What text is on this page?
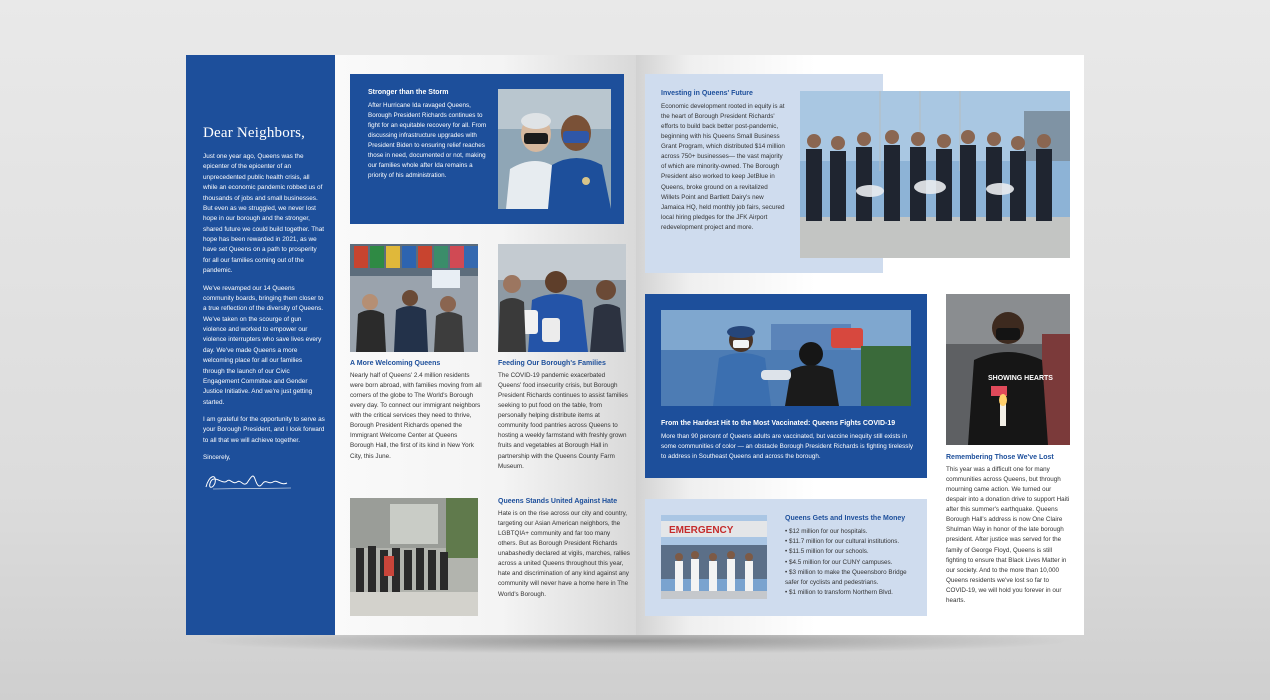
Dear Neighbors,

Just one year ago, Queens was the epicenter of the epicenter of an unprecedented public health crisis, all while an economic pandemic robbed us of thousands of jobs and small businesses. But even as we struggled, we never lost hope in our borough and the stronger, shared future we could build together. That hope has been rewarded in 2021, as we have set Queens on a path to prosperity for all our families coming out of the pandemic.

We've revamped our 14 Queens community boards, bringing them closer to a true reflection of the diversity of Queens. We've taken on the scourge of gun violence and worked to empower our violence interrupters who save lives every day. We've made Queens a more welcoming place for all our families through the launch of our Civic Engagement Committee and Gender Justice Initiative. And we're just getting started.

I am grateful for the opportunity to serve as your Borough President, and I look forward to all that we will achieve together.

Sincerely,
Stronger than the Storm
After Hurricane Ida ravaged Queens, Borough President Richards continues to fight for an equitable recovery for all. From discussing infrastructure upgrades with President Biden to ensuring relief reaches those in need, documented or not, making our families whole after Ida remains a priority of his administration.
A More Welcoming Queens
Nearly half of Queens' 2.4 million residents were born abroad, with families moving from all corners of the globe to The World's Borough every day. To connect our immigrant neighbors with the critical services they need to thrive, Borough President Richards opened the Immigrant Welcome Center at Queens Borough Hall, the first of its kind in New York City, this June.
Feeding Our Borough's Families
The COVID-19 pandemic exacerbated Queens' food insecurity crisis, but Borough President Richards continues to assist families seeking to put food on the table, from personally helping distribute items at community food pantries across Queens to hosting a weekly farmstand with freshly grown fruits and vegetables at Borough Hall in partnership with the Queens County Farm Museum.
Queens Stands United Against Hate
Hate is on the rise across our city and country, targeting our Asian American neighbors, the LGBTQIA+ community and far too many others. But as Borough President Richards unabashedly declared at vigils, marches, rallies across a united Queens throughout this year, hate and discrimination of any kind against any community will never have a home here in The World's Borough.
Investing in Queens' Future
Economic development rooted in equity is at the heart of Borough President Richards' efforts to build back better post-pandemic, beginning with his Queens Small Business Grant Program, which distributed $14 million across 750+ businesses— the vast majority of which are minority-owned. The Borough President also worked to keep JetBlue in Queens, broke ground on a revitalized Willets Point and Bartlett Dairy's new Jamaica HQ, held monthly job fairs, secured local hiring pledges for the JFK Airport redevelopment project and more.
From the Hardest Hit to the Most Vaccinated: Queens Fights COVID-19
More than 90 percent of Queens adults are vaccinated, but vaccine inequity still exists in some communities of color — an obstacle Borough President Richards is fighting tirelessly to address in Southeast Queens and across the borough.
EMERGENCY
Queens Gets and Invests the Money
• $12 million for our hospitals.
• $11.7 million for our cultural institutions.
• $11.5 million for our schools.
• $4.5 million for our CUNY campuses.
• $3 million to make the Queensboro Bridge safer for cyclists and pedestrians.
• $1 million to transform Northern Blvd.
SHOWING HEARTS
Remembering Those We've Lost
This year was a difficult one for many communities across Queens, but through mourning came action. We turned our despair into a donation drive to support Haiti after this summer's earthquake. Queens Borough Hall's address is now One Claire Shulman Way in honor of the late borough president. After justice was served for the family of George Floyd, Queens is still fighting to ensure that Black Lives Matter in our society. And to the more than 10,000 Queens residents we've lost so far to COVID-19, we will hold you forever in our hearts.
